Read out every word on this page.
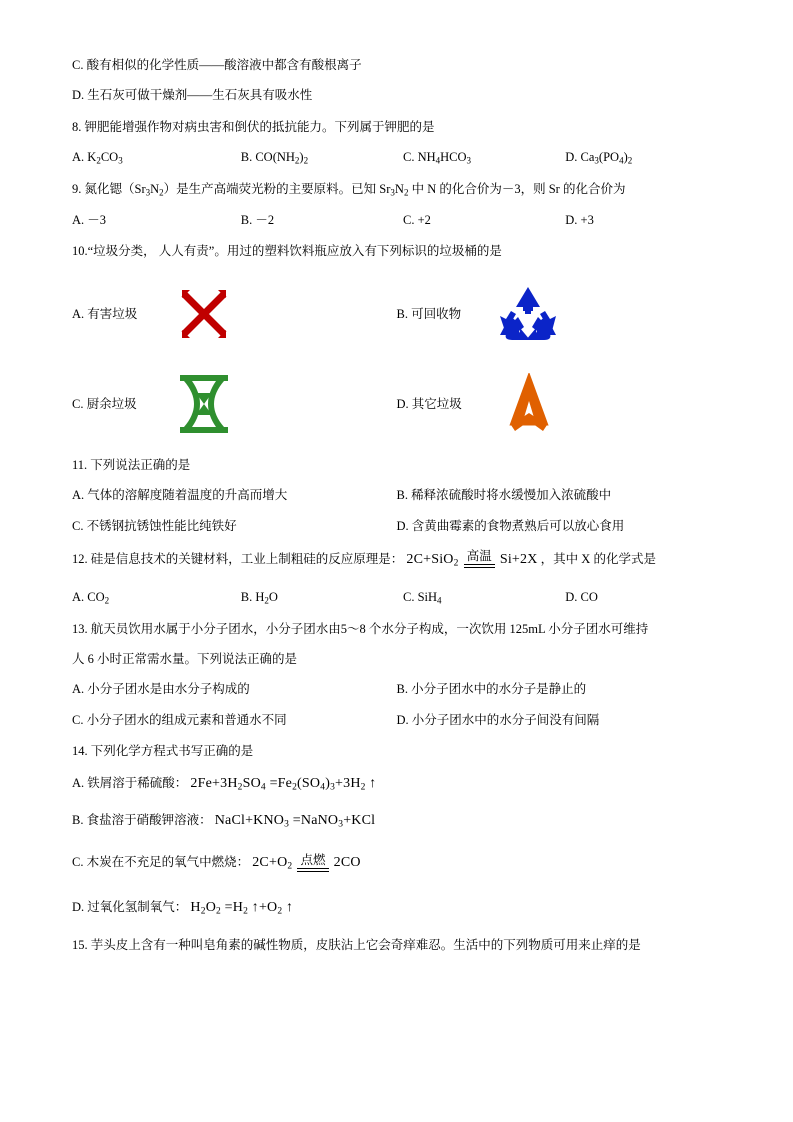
C. 酸有相似的化学性质——酸溶液中都含有酸根离子
D. 生石灰可做干燥剂——生石灰具有吸水性
8. 钾肥能增强作物对病虫害和倒伏的抵抗能力。下列属于钾肥的是
A. $K_2CO_3$	B. $CO(NH_2)_2$	C. $NH_4HCO_3$	D. $Ca_3(PO_4)_2$
9. 氮化锶$(Sr_3N_2)$是生产高端荧光粉的主要原料。已知 $Sr_3N_2$ 中 N 的化合价为－3，则 Sr 的化合价为
A. －3	B. －2	C. +2	D. +3
10.“垃圾分类， 人人有责”。用过的塑料饮料瓶应放入有下列标识的垃圾桶的是
A. 有害垃圾	B. 可回收物
C. 厨余垃圾	D. 其它垃圾
11. 下列说法正确的是
A. 气体的溶解度随着温度的升高而增大	B. 稀释浓硫酸时将水缓慢加入浓硫酸中
C. 不锈钢抗锈蚀性能比纯铁好	D. 含黄曲霉素的食物煮熟后可以放心食用
12. 硅是信息技术的关键材料，工业上制粗硅的反应原理是： 2C+SiO$_2$
高温 Si+2X ，其中 X 的化学式是
A. $CO_2$	B. $H_2O$	C. SiH$_4$	D. CO
13. 航天员饮用水属于小分子团水，小分子团水由5～8 个水分子构成，一次饮用 125mL 小分子团水可维持
人 6 小时正常需水量。下列说法正确的是
A. 小分子团水是由水分子构成的	B. 小分子团水中的水分子是静止的
C. 小分子团水的组成元素和普通水不同	D. 小分子团水中的水分子间没有间隔
14. 下列化学方程式书写正确的是
A. 铁屑溶于稀硫酸： $2Fe+3H_2SO_4 =Fe_2(SO_4)_3+3H_2$ ↑
B. 食盐溶于硝酸钾溶液： $NaCl+KNO_3$ =NaNO$_3$+KCl
C. 木炭在不充足的氧气中燃烧： $2C+O_2$
点燃 2CO
D. 过氧化氢制氧气： $H_2O_2 =H_2$ $↑+O_2$ ↑
15. 芋头皮上含有一种叫皂角素的碱性物质，皮肤沾上它会奇痒难忍。生活中的下列物质可用来止痒的是
